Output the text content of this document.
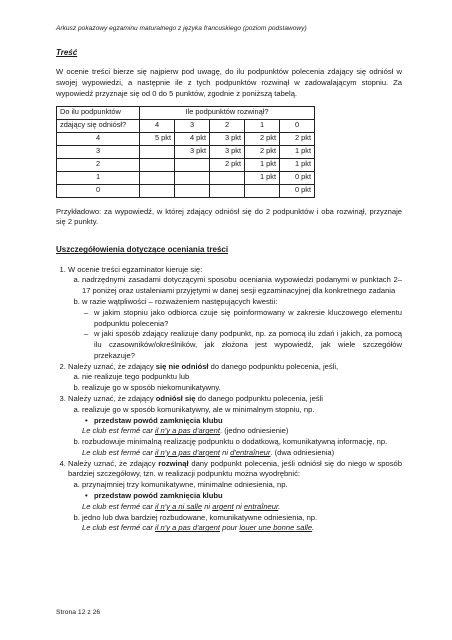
Arkusz pokazowy egzaminu maturalnego z języka francuskiego (poziom podstawowy)
Treść

W ocenie treści bierze się najpierw pod uwagę, do ilu podpunktów polecenia zdający się odniósł w swojej wypowiedzi, a następnie ile z tych podpunktów rozwinął w zadowalającym stopniu. Za wypowiedź przyznaje się od 0 do 5 punktów, zgodnie z poniższą tabelą.

Do ilu podpunktów	Ile podpunktów rozwinął?				
zdający się odniósł?	4	3	2	1	0
4	5 pkt	4 pkt	3 pkt	2 pkt	2 pkt
3		3 pkt	3 pkt	2 pkt	1 pkt
2			2 pkt	1 pkt	1 pkt
1				1 pkt	0 pkt
0					0 pkt

Przykładowo: za wypowiedź, w której zdający odniósł się do 2 podpunktów i oba rozwinął, przyznaje się 2 punkty.

Uszczegółowienia dotyczące oceniania treści
1. W ocenie treści egzaminator kieruje się:
a. nadrzędnymi zasadami dotyczącymi sposobu oceniania wypowiedzi podanymi w punktach 2–17 poniżej oraz ustaleniami przyjętymi w danej sesji egzaminacyjnej dla konkretnego zadania
b. w razie wątpliwości – rozważeniem następujących kwestii:
– w jakim stopniu jako odbiorca czuje się poinformowany w zakresie kluczowego elementu podpunktu polecenia?
– w jaki sposób zdający realizuje dany podpunkt, np. za pomocą ilu zdań i jakich, za pomocą ilu czasowników/określników, jak złożona jest wypowiedź, jak wiele szczegółów przekazuje?
2. Należy uznać, że zdający się nie odniósł do danego podpunktu polecenia, jeśli,
a. nie realizuje tego podpunktu lub
b. realizuje go w sposób niekomunikatywny.
3. Należy uznać, że zdający odniósł się do danego podpunktu polecenia, jeśli
a. realizuje go w sposób komunikatywny, ale w minimalnym stopniu, np.
• przedstaw powód zamknięcia klubu
Le club est fermé car il n'y a pas d'argent. (jedno odniesienie)
b. rozbudowuje minimalną realizację podpunktu o dodatkową, komunikatywną informację, np.
Le club est fermé car il n'y a pas d'argent ni d'entraîneur. (dwa odniesienia)
4. Należy uznać, że zdający rozwinął dany podpunkt polecenia, jeśli odniósł się do niego w sposób bardziej szczegółowy, tzn. w realizacji podpunktu można wyodrębnić:
a. przynajmniej trzy komunikatywne, minimalne odniesienia, np.
• przedstaw powód zamknięcia klubu
Le club est fermé car il n'y a ni salle ni argent ni entraîneur.
b. jedno lub dwa bardziej rozbudowane, komunikatywne odniesienia, np.
Le club est fermé car il n'y a pas d'argent pour louer une bonne salle.
Strona 12 z 26
